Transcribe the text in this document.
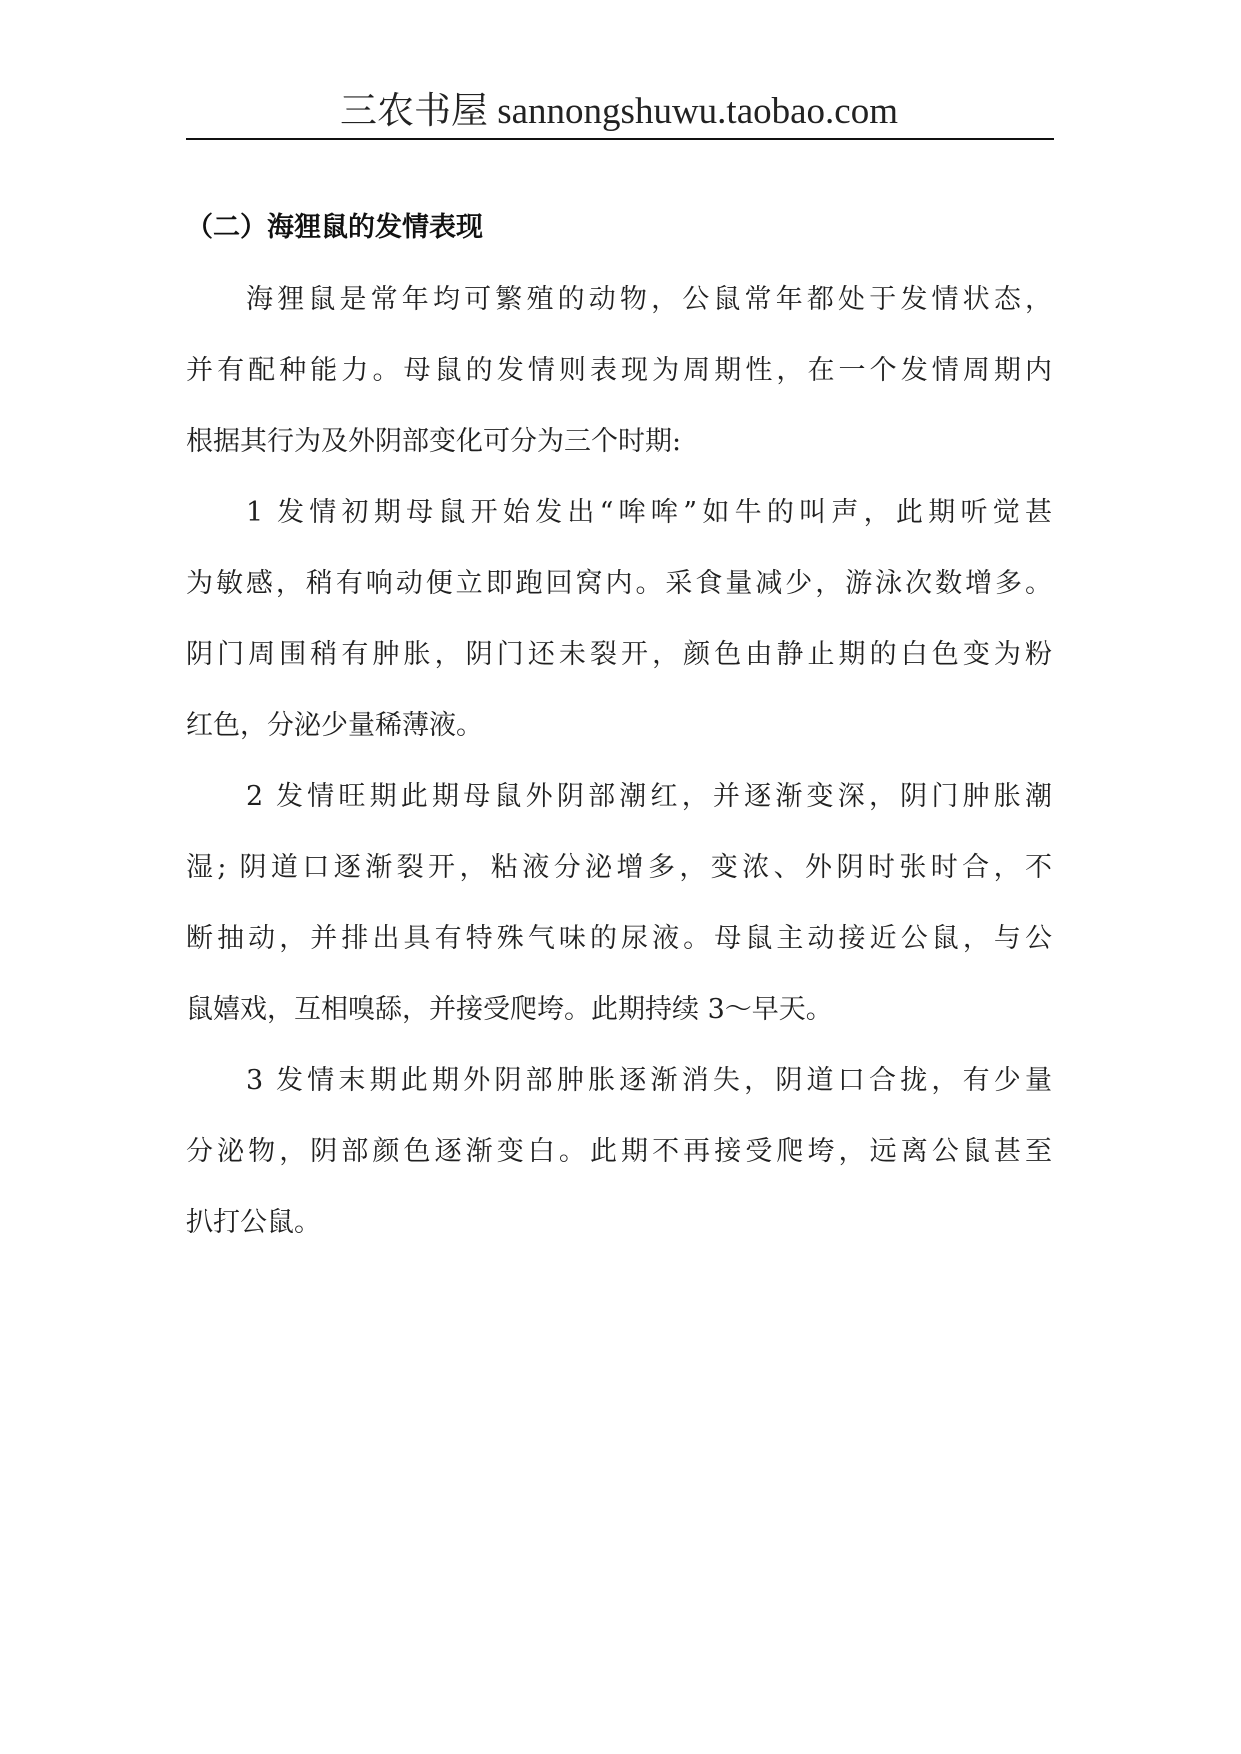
三农书屋 sannongshuwu.taobao.com
（二）海狸鼠的发情表现
海狸鼠是常年均可繁殖的动物，公鼠常年都处于发情状态，
并有配种能力。母鼠的发情则表现为周期性，在一个发情周期内
根据其行为及外阴部变化可分为三个时期:
1 发情初期母鼠开始发出“哞哞”如牛的叫声，此期听觉甚
为敏感，稍有响动便立即跑回窝内。采食量减少，游泳次数增多。
阴门周围稍有肿胀，阴门还未裂开，颜色由静止期的白色变为粉
红色，分泌少量稀薄液。
2 发情旺期此期母鼠外阴部潮红，并逐渐变深，阴门肿胀潮
湿; 阴道口逐渐裂开，粘液分泌增多，变浓、外阴时张时合，不
断抽动，并排出具有特殊气味的尿液。母鼠主动接近公鼠，与公
鼠嬉戏，互相嗅舔，并接受爬垮。此期持续 3～早天。
3 发情末期此期外阴部肿胀逐渐消失，阴道口合拢，有少量
分泌物，阴部颜色逐渐变白。此期不再接受爬垮，远离公鼠甚至
扒打公鼠。
